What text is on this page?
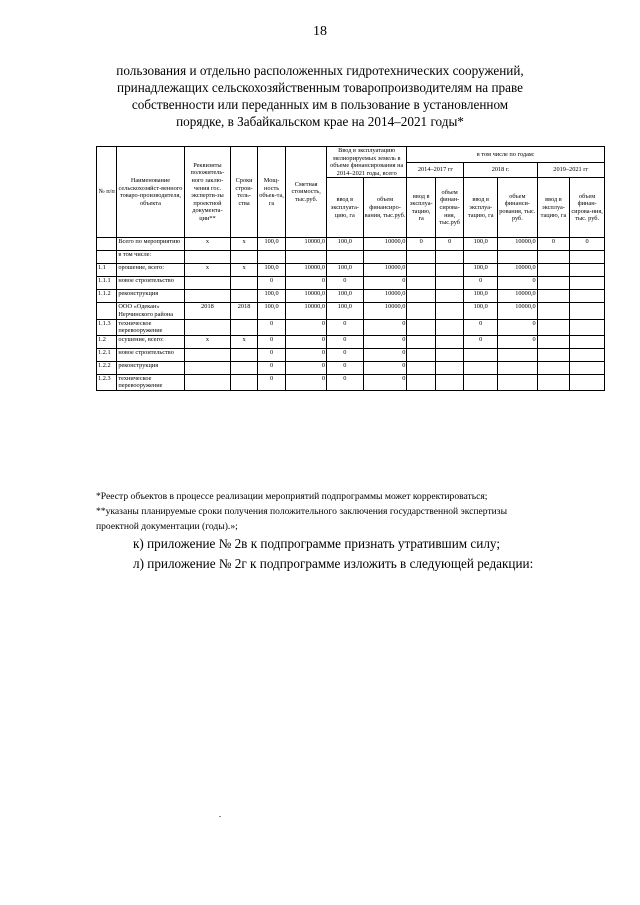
18
пользования и отдельно расположенных гидротехнических сооружений,
принадлежащих сельскохозяйственным товаропроизводителям на праве
собственности или переданных им в пользование в установленном
порядке, в Забайкальском крае на 2014–2021 годы*
№ п/п	Наименование сельскохозяйст-венного товаро-производителя, объекта	Реквизиты положитель-ного заклю-чения гос. эксперти-зы проектной документа-ции**	Сроки строи-тель-ства	Мощ-ность объек-та, га	Сметная стоимость, тыс.руб.	Ввод в эксплуатацию мелиорируемых земель в объеме финансирования на 2014–2021 годы, всего		в том числе по годам:					
								2014–2017 гг		2018 г.		2019–2021 гг	
						ввод в эксплуата-цию, га	объем финансиро-вания, тыс.руб.	ввод в эксплуа-тацию, га	объем финан-сирова-ния, тыс.руб	ввод в эксплуа-тацию, га	объем финанси-рования, тыс. руб.	ввод в эксплуа-тацию, га	объем финан-сирова-ния, тыс. руб.
	Всего по мероприятию	x	x	100,0	10000,0	100,0	10000,0	0	0	100,0	10000,0	0	0
	в том числе:												
1.1	орошение, всего:	x	x	100,0	10000,0	100,0	10000,0			100,0	10000,0		
1.1.1	новое строительство			0	0	0	0			0	0		
1.1.2	реконструкция			100,0	10000,0	100,0	10000,0			100,0	10000,0		
	ООО «Одекан» Нерчинского района	2018	2018	100,0	10000,0	100,0	10000,0			100,0	10000,0		
1.1.3	техническое перевооружение			0	0	0	0			0	0		
1.2	осушение, всего:	x	x	0	0	0	0			0	0		
1.2.1	новое строительство			0	0	0	0						
1.2.2	реконструкция			0	0	0	0						
1.2.3	техническое перевооружение			0	0	0	0						
*Реестр объектов в процессе реализации мероприятий подпрограммы может корректироваться;
**указаны планируемые сроки получения положительного заключения государственной экспертизы
проектной документации (годы).»;
к) приложение № 2в к подпрограмме признать утратившим силу;
л) приложение № 2г к подпрограмме изложить в следующей редакции:
